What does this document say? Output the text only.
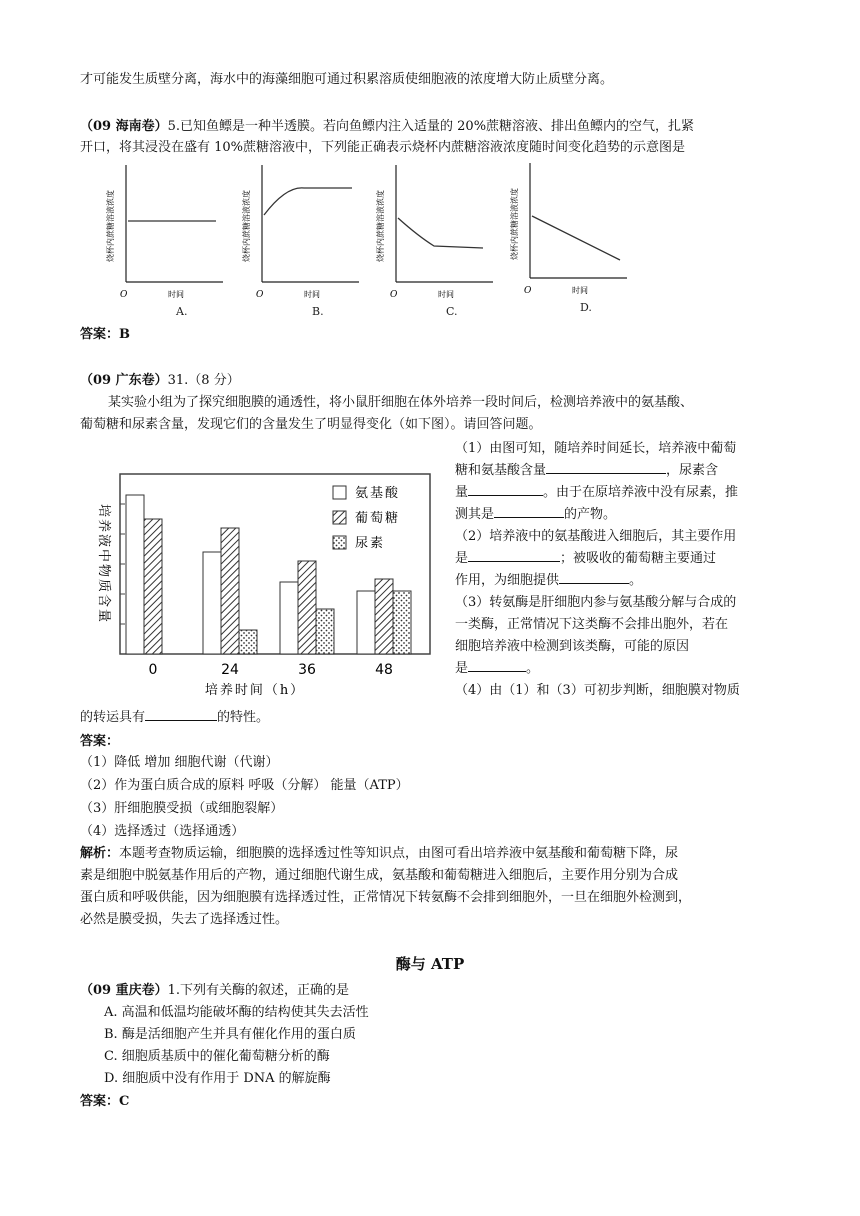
才可能发生质壁分离，海水中的海藻细胞可通过积累溶质使细胞液的浓度增大防止质壁分离。
（09 海南卷）5.已知鱼鳔是一种半透膜。若向鱼鳔内注入适量的 20%蔗糖溶液、排出鱼鳔内的空气，扎紧
开口，将其浸没在盛有 10%蔗糖溶液中，下列能正确表示烧杯内蔗糖溶液浓度随时间变化趋势的示意图是
烧杯内蔗糖溶液浓度
O	时间
A.
烧杯内蔗糖溶液浓度
O	时间
B.
烧杯内蔗糖溶液浓度
O	时间
C.
烧杯内蔗糖溶液浓度
O	时间
D.
答案：B
（09 广东卷）31.（8 分）
某实验小组为了探究细胞膜的通透性，将小鼠肝细胞在体外培养一段时间后，检测培养液中的氨基酸、
葡萄糖和尿素含量，发现它们的含量发生了明显得变化（如下图）。请回答问题。
（1）由图可知，随培养时间延长，培养液中葡萄
糖和氨基酸含量	，尿素含
量	。由于在原培养液中没有尿素，推
测其是	的产物。
（2）培养液中的氨基酸进入细胞后，其主要作用
是	；被吸收的葡萄糖主要通过
作用，为细胞提供	。
（3）转氨酶是肝细胞内参与氨基酸分解与合成的
一类酶，正常情况下这类酶不会排出胞外，若在
细胞培养液中检测到该类酶，可能的原因
是	。
（4）由（1）和（3）可初步判断，细胞膜对物质
培养液中物质含量
0	24	36	48
培养时间（h）
氨基酸
葡萄糖
尿素
的转运具有	的特性。
答案：
（1）降低 增加 细胞代谢（代谢）
（2）作为蛋白质合成的原料 呼吸（分解） 能量（ATP）
（3）肝细胞膜受损（或细胞裂解）
（4）选择透过（选择通透）
解析：本题考查物质运输，细胞膜的选择透过性等知识点，由图可看出培养液中氨基酸和葡萄糖下降，尿
素是细胞中脱氨基作用后的产物，通过细胞代谢生成，氨基酸和葡萄糖进入细胞后，主要作用分别为合成
蛋白质和呼吸供能，因为细胞膜有选择透过性，正常情况下转氨酶不会排到细胞外，一旦在细胞外检测到，
必然是膜受损，失去了选择透过性。
酶与 ATP
（09 重庆卷）1.下列有关酶的叙述，正确的是
A. 高温和低温均能破坏酶的结构使其失去活性
B. 酶是活细胞产生并具有催化作用的蛋白质
C. 细胞质基质中的催化葡萄糖分析的酶
D. 细胞质中没有作用于 DNA 的解旋酶
答案：C
